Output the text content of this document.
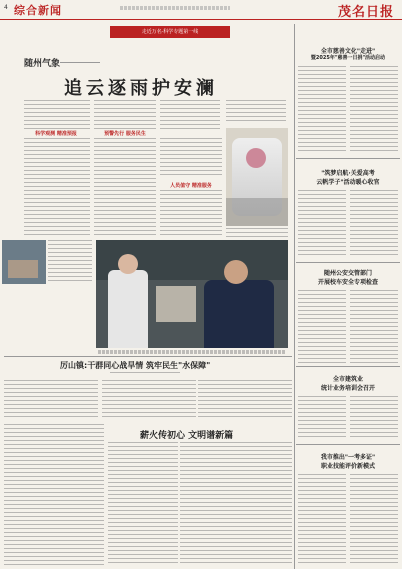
4 综合新闻	茂名日报
走近万名·科学专题第一线
随州气象
追云逐雨护安澜
科学观测 精准预报	预警先行 服务民生
人员值守 精准服务
厉山镇:干群同心战旱情 筑牢民生"水保障"
薪火传初心 文明谱新篇
全市慈善文化"走进"
暨2025年"慈善一日捐"活动启动
"筑梦启航·关爱高考
云帆学子"活动暖心收官
随州公安交管部门
开展校车安全专项检查
全市建筑业
统计业务培训会召开
我市推出"一考多证"
职业技能评价新模式
